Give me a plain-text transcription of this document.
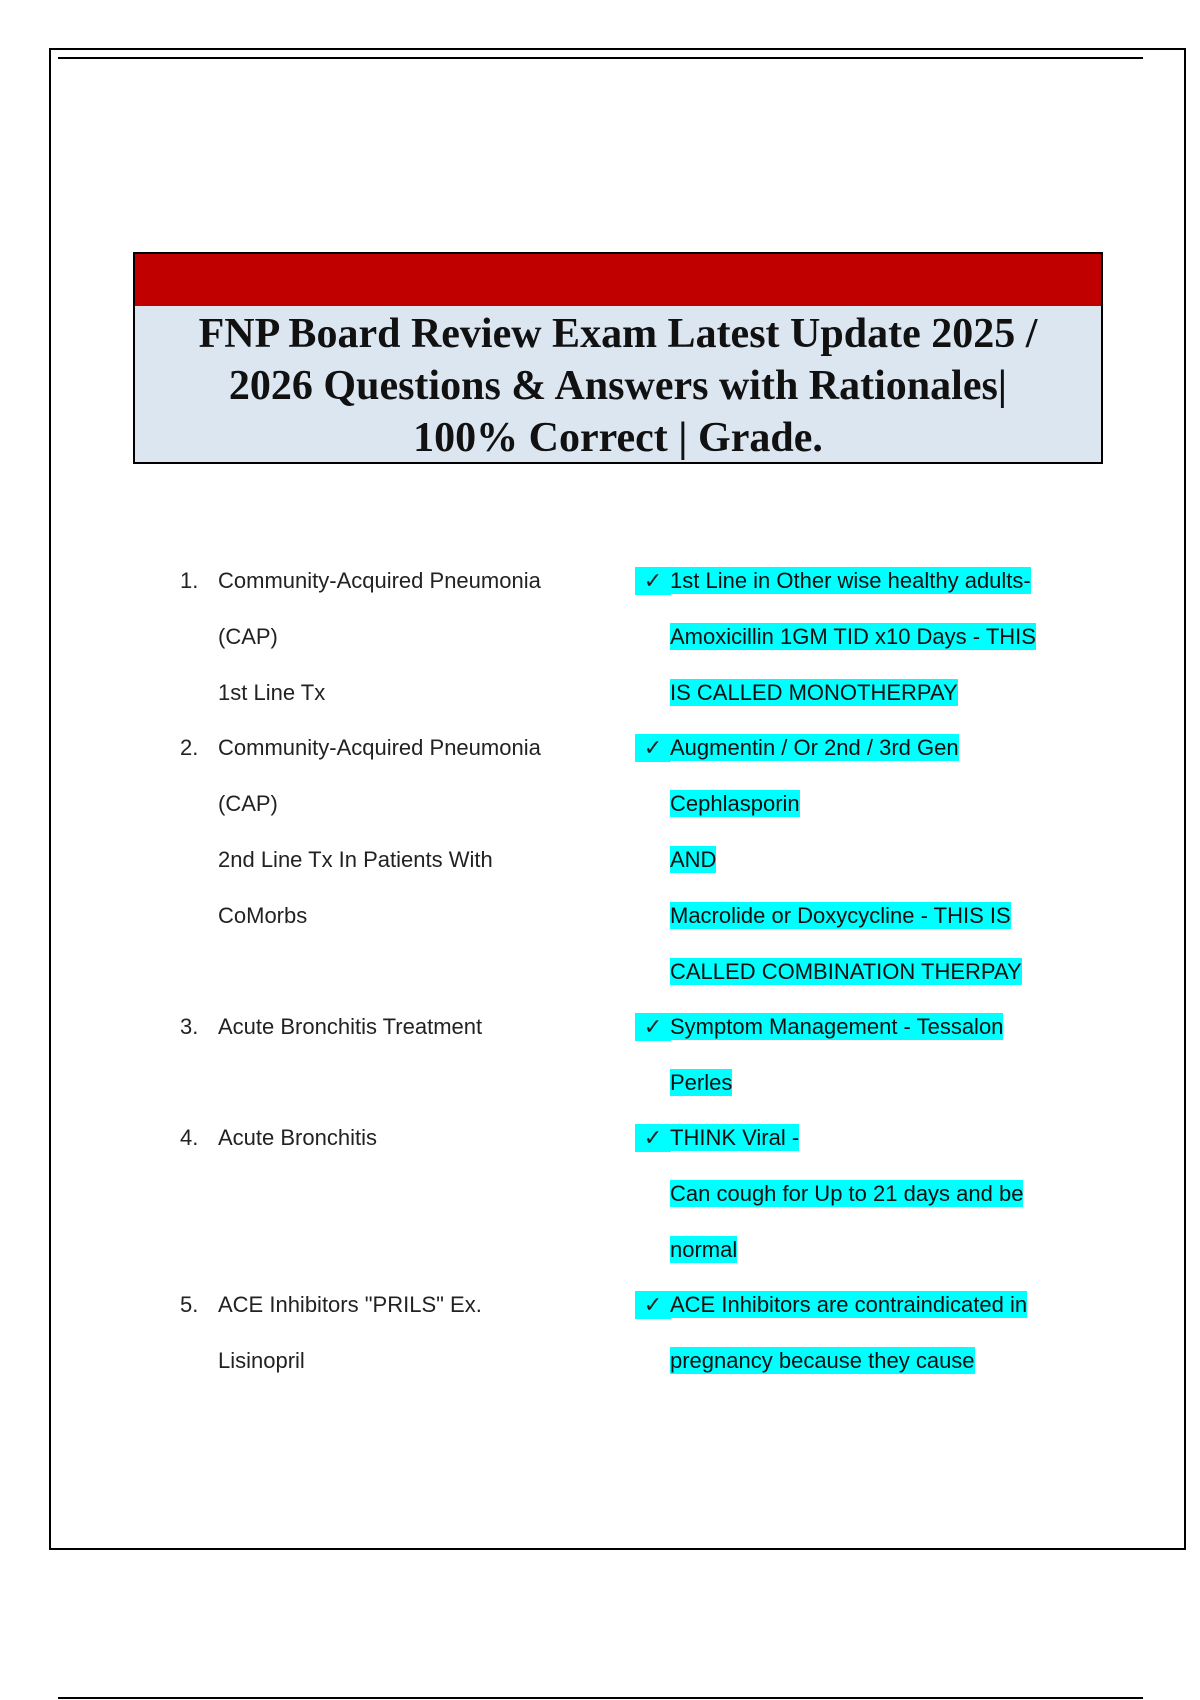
FNP Board Review Exam Latest Update 2025 /
2026 Questions & Answers with Rationales|
100% Correct | Grade.
1. Community-Acquired Pneumonia
(CAP)
1st Line Tx
✓ 1st Line in Other wise healthy adults-
Amoxicillin 1GM TID x10 Days - THIS
IS CALLED MONOTHERPAY
2. Community-Acquired Pneumonia
(CAP)
2nd Line Tx In Patients With
CoMorbs
✓ Augmentin / Or 2nd / 3rd Gen
Cephlasporin
AND
Macrolide or Doxycycline - THIS IS
CALLED COMBINATION THERPAY
3. Acute Bronchitis Treatment	✓ Symptom Management - Tessalon
Perles
4. Acute Bronchitis	✓ THINK Viral -
Can cough for Up to 21 days and be
normal
5. ACE Inhibitors "PRILS" Ex.
Lisinopril
✓ ACE Inhibitors are contraindicated in
pregnancy because they cause
